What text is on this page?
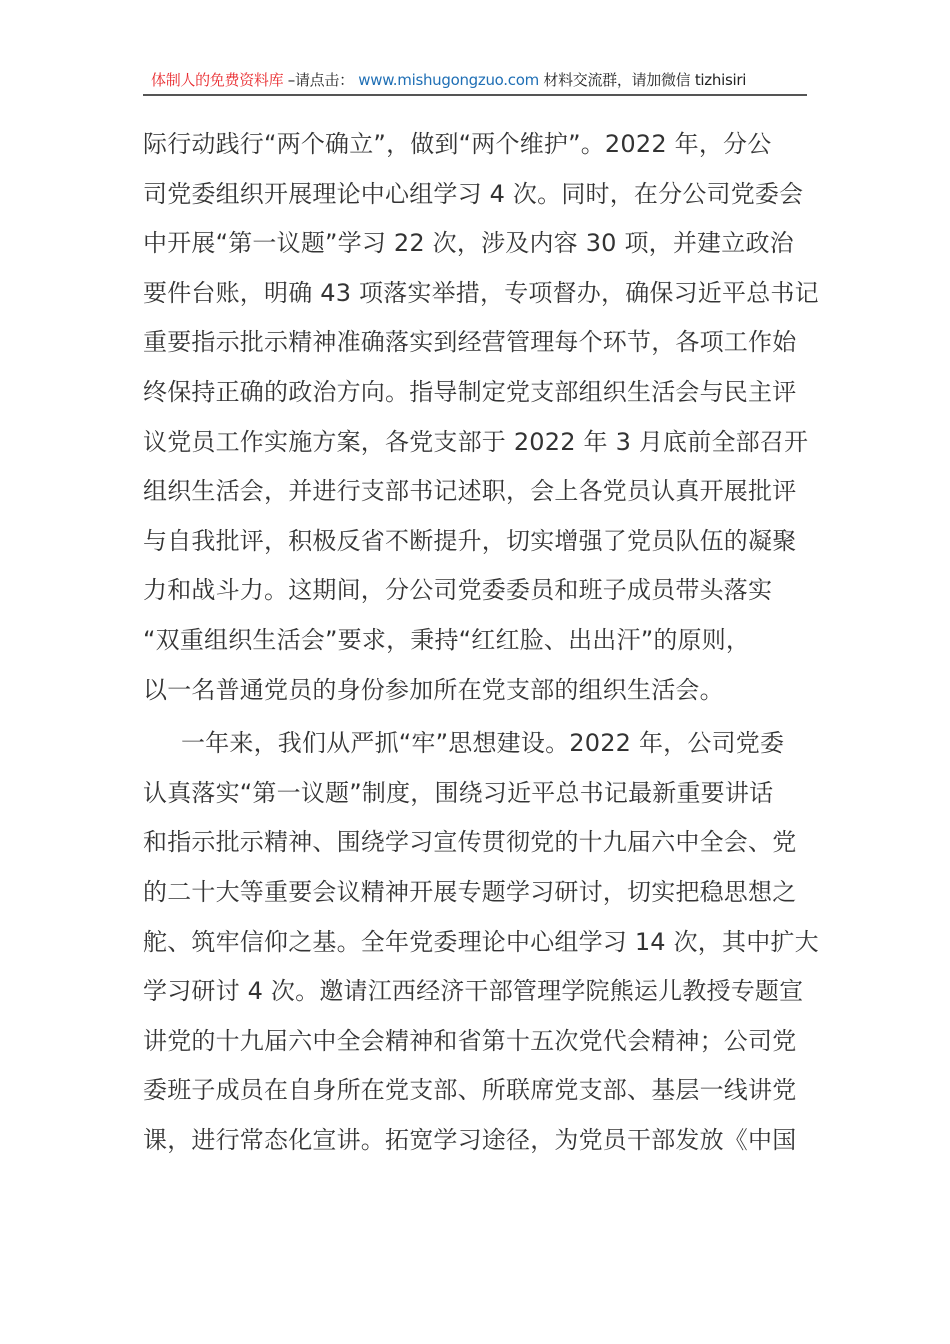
体制人的免费资料库 –请点击： www.mishugongzuo.com 材料交流群，请加微信 tizhisiri
际行动践行“两个确立”，做到“两个维护”。2022 年，分公
司党委组织开展理论中心组学习 4 次。同时，在分公司党委会
中开展“第一议题”学习 22 次，涉及内容 30 项，并建立政治
要件台账，明确 43 项落实举措，专项督办，确保习近平总书记
重要指示批示精神准确落实到经营管理每个环节，各项工作始
终保持正确的政治方向。指导制定党支部组织生活会与民主评
议党员工作实施方案，各党支部于 2022 年 3 月底前全部召开
组织生活会，并进行支部书记述职，会上各党员认真开展批评
与自我批评，积极反省不断提升，切实增强了党员队伍的凝聚
力和战斗力。这期间，分公司党委委员和班子成员带头落实
“双重组织生活会”要求，秉持“红红脸、出出汗”的原则，
以一名普通党员的身份参加所在党支部的组织生活会。
一年来，我们从严抓“牢”思想建设。2022 年，公司党委
认真落实“第一议题”制度，围绕习近平总书记最新重要讲话
和指示批示精神、围绕学习宣传贯彻党的十九届六中全会、党
的二十大等重要会议精神开展专题学习研讨，切实把稳思想之
舵、筑牢信仰之基。全年党委理论中心组学习 14 次，其中扩大
学习研讨 4 次。邀请江西经济干部管理学院熊运儿教授专题宣
讲党的十九届六中全会精神和省第十五次党代会精神；公司党
委班子成员在自身所在党支部、所联席党支部、基层一线讲党
课，进行常态化宣讲。拓宽学习途径，为党员干部发放《中国
